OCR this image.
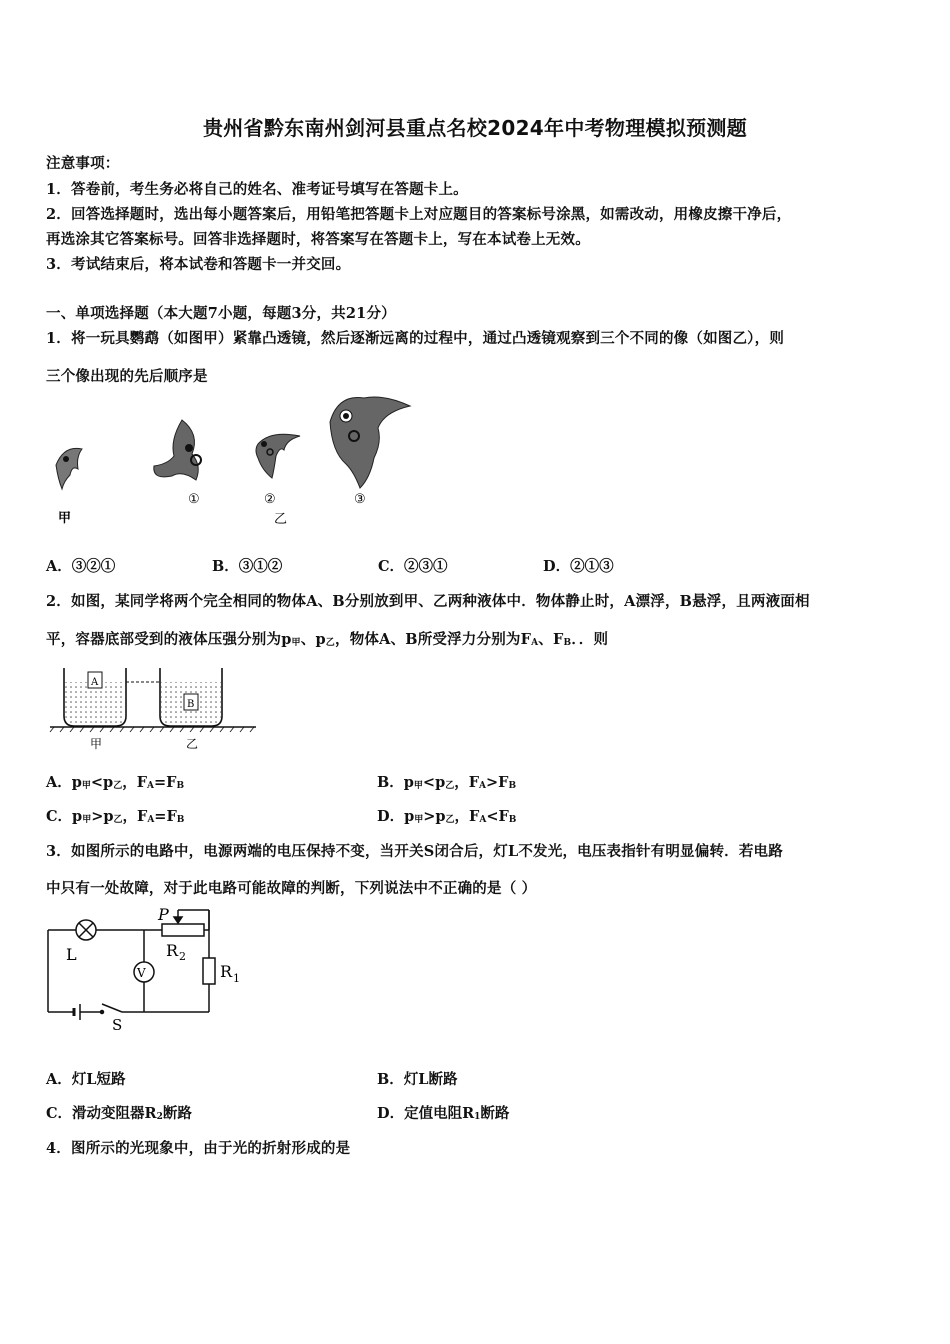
贵州省黔东南州剑河县重点名校2024年中考物理模拟预测题
注意事项：
1．答卷前，考生务必将自己的姓名、准考证号填写在答题卡上。
2．回答选择题时，选出每小题答案后，用铅笔把答题卡上对应题目的答案标号涂黑，如需改动，用橡皮擦干净后，
再选涂其它答案标号。回答非选择题时，将答案写在答题卡上，写在本试卷上无效。
3．考试结束后，将本试卷和答题卡一并交回。
一、单项选择题（本大题7小题，每题3分，共21分）
1．将一玩具鹦鹉（如图甲）紧靠凸透镜，然后逐渐远离的过程中，通过凸透镜观察到三个不同的像（如图乙），则
三个像出现的先后顺序是
甲
①	②	③
乙
A．③②①	B．③①②	C．②③①	D．②①③
2．如图，某同学将两个完全相同的物体A、B分别放到甲、乙两种液体中．物体静止时，A漂浮，B悬浮，且两液面相
平，容器底部受到的液体压强分别为$p_甲$、$p_乙$，物体A、B所受浮力分别为$F_A$、$F_B$．．则
A
B
甲	乙
A．$p_甲<p_乙$，$F_A=F_B$	B．$p_甲<p_乙$，$F_A>F_B$
C．$p_甲>p_乙$，$F_A=F_B$	D．$p_甲>p_乙$，$F_A<F_B$
3．如图所示的电路中，电源两端的电压保持不变，当开关S闭合后，灯L不发光，电压表指针有明显偏转．若电路
中只有一处故障，对于此电路可能故障的判断，下列说法中不正确的是（ ）
V
L
P
R 2
R 1
S
A．灯L短路	B．灯L断路
C．滑动变阻器$R_2$断路	D．定值电阻$R_1$断路
4．图所示的光现象中，由于光的折射形成的是
